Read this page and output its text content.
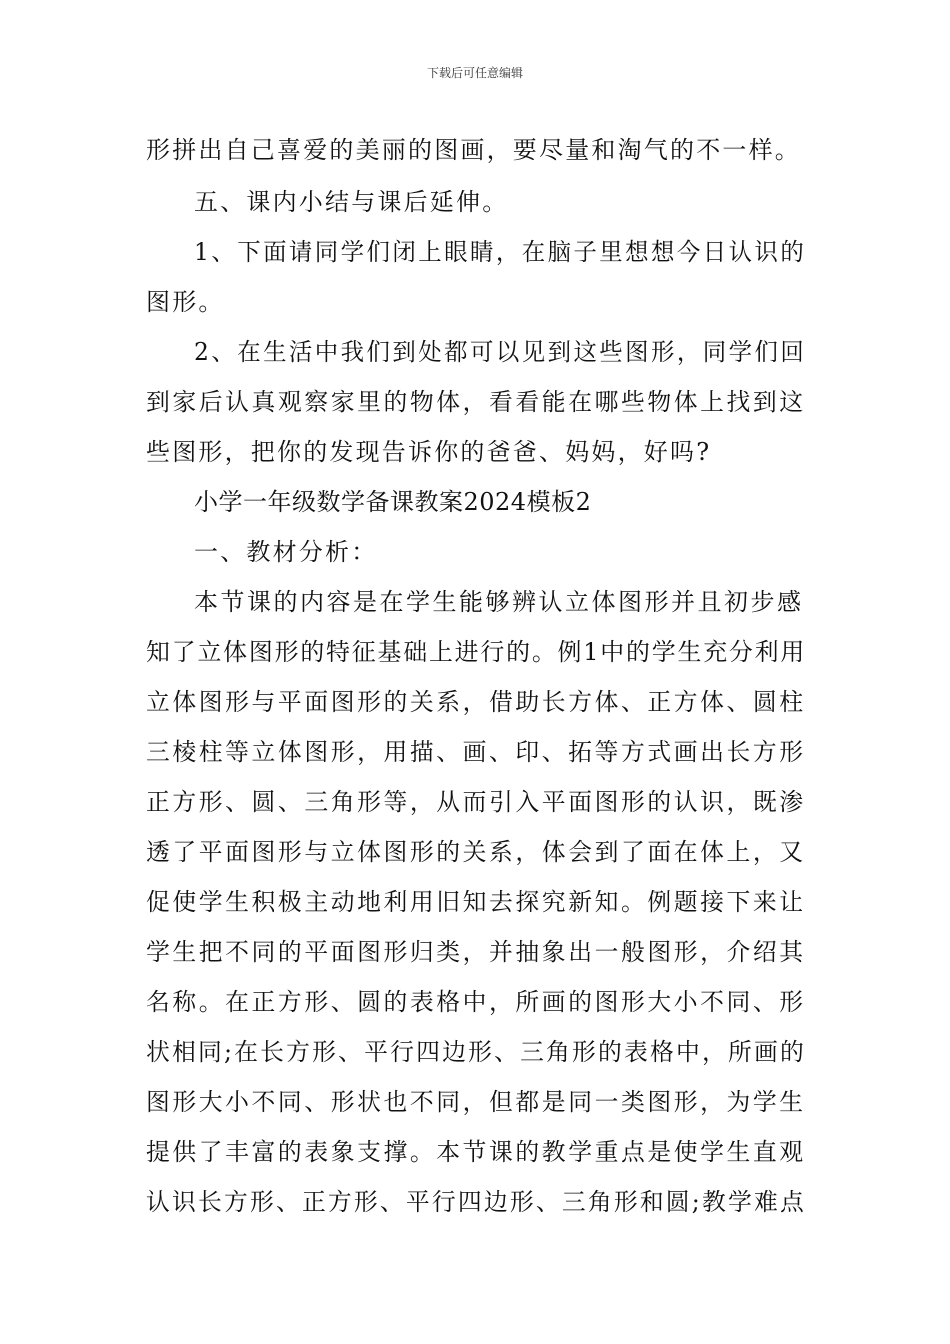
下载后可任意编辑
形拼出自己喜爱的美丽的图画，要尽量和淘气的不一样。
五、课内小结与课后延伸。
1、下面请同学们闭上眼睛，在脑子里想想今日认识的
图形。
2、在生活中我们到处都可以见到这些图形，同学们回
到家后认真观察家里的物体，看看能在哪些物体上找到这
些图形，把你的发现告诉你的爸爸、妈妈，好吗?
小学一年级数学备课教案2024模板2
一、教材分析：
本节课的内容是在学生能够辨认立体图形并且初步感
知了立体图形的特征基础上进行的。例1中的学生充分利用
立体图形与平面图形的关系，借助长方体、正方体、圆柱
三棱柱等立体图形，用描、画、印、拓等方式画出长方形
正方形、圆、三角形等，从而引入平面图形的认识，既渗
透了平面图形与立体图形的关系，体会到了面在体上，又
促使学生积极主动地利用旧知去探究新知。例题接下来让
学生把不同的平面图形归类，并抽象出一般图形，介绍其
名称。在正方形、圆的表格中，所画的图形大小不同、形
状相同;在长方形、平行四边形、三角形的表格中，所画的
图形大小不同、形状也不同，但都是同一类图形，为学生
提供了丰富的表象支撑。本节课的教学重点是使学生直观
认识长方形、正方形、平行四边形、三角形和圆;教学难点
